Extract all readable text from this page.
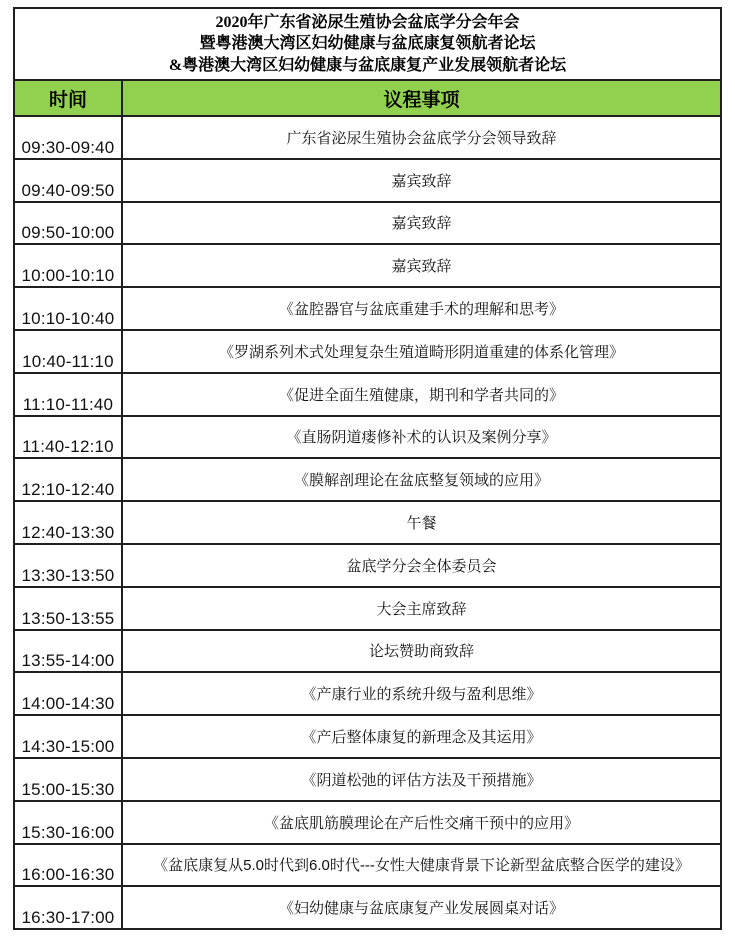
2020年广东省泌尿生殖协会盆底学分会年会
暨粤港澳大湾区妇幼健康与盆底康复领航者论坛
&粤港澳大湾区妇幼健康与盆底康复产业发展领航者论坛	

时间	议程事项
09:30-09:40	广东省泌尿生殖协会盆底学分会领导致辞
09:40-09:50	嘉宾致辞
09:50-10:00	嘉宾致辞
10:00-10:10	嘉宾致辞
10:10-10:40	《盆腔器官与盆底重建手术的理解和思考》
10:40-11:10	《罗湖系列术式处理复杂生殖道畸形阴道重建的体系化管理》
11:10-11:40	《促进全面生殖健康，期刊和学者共同的》
11:40-12:10	《直肠阴道瘘修补术的认识及案例分享》
12:10-12:40	《膜解剖理论在盆底整复领域的应用》
12:40-13:30	午餐
13:30-13:50	盆底学分会全体委员会
13:50-13:55	大会主席致辞
13:55-14:00	论坛赞助商致辞
14:00-14:30	《产康行业的系统升级与盈利思维》
14:30-15:00	《产后整体康复的新理念及其运用》
15:00-15:30	《阴道松弛的评估方法及干预措施》
15:30-16:00	《盆底肌筋膜理论在产后性交痛干预中的应用》
16:00-16:30	《盆底康复从5.0时代到6.0时代---女性大健康背景下论新型盆底整合医学的建设》
16:30-17:00	《妇幼健康与盆底康复产业发展圆桌对话》
